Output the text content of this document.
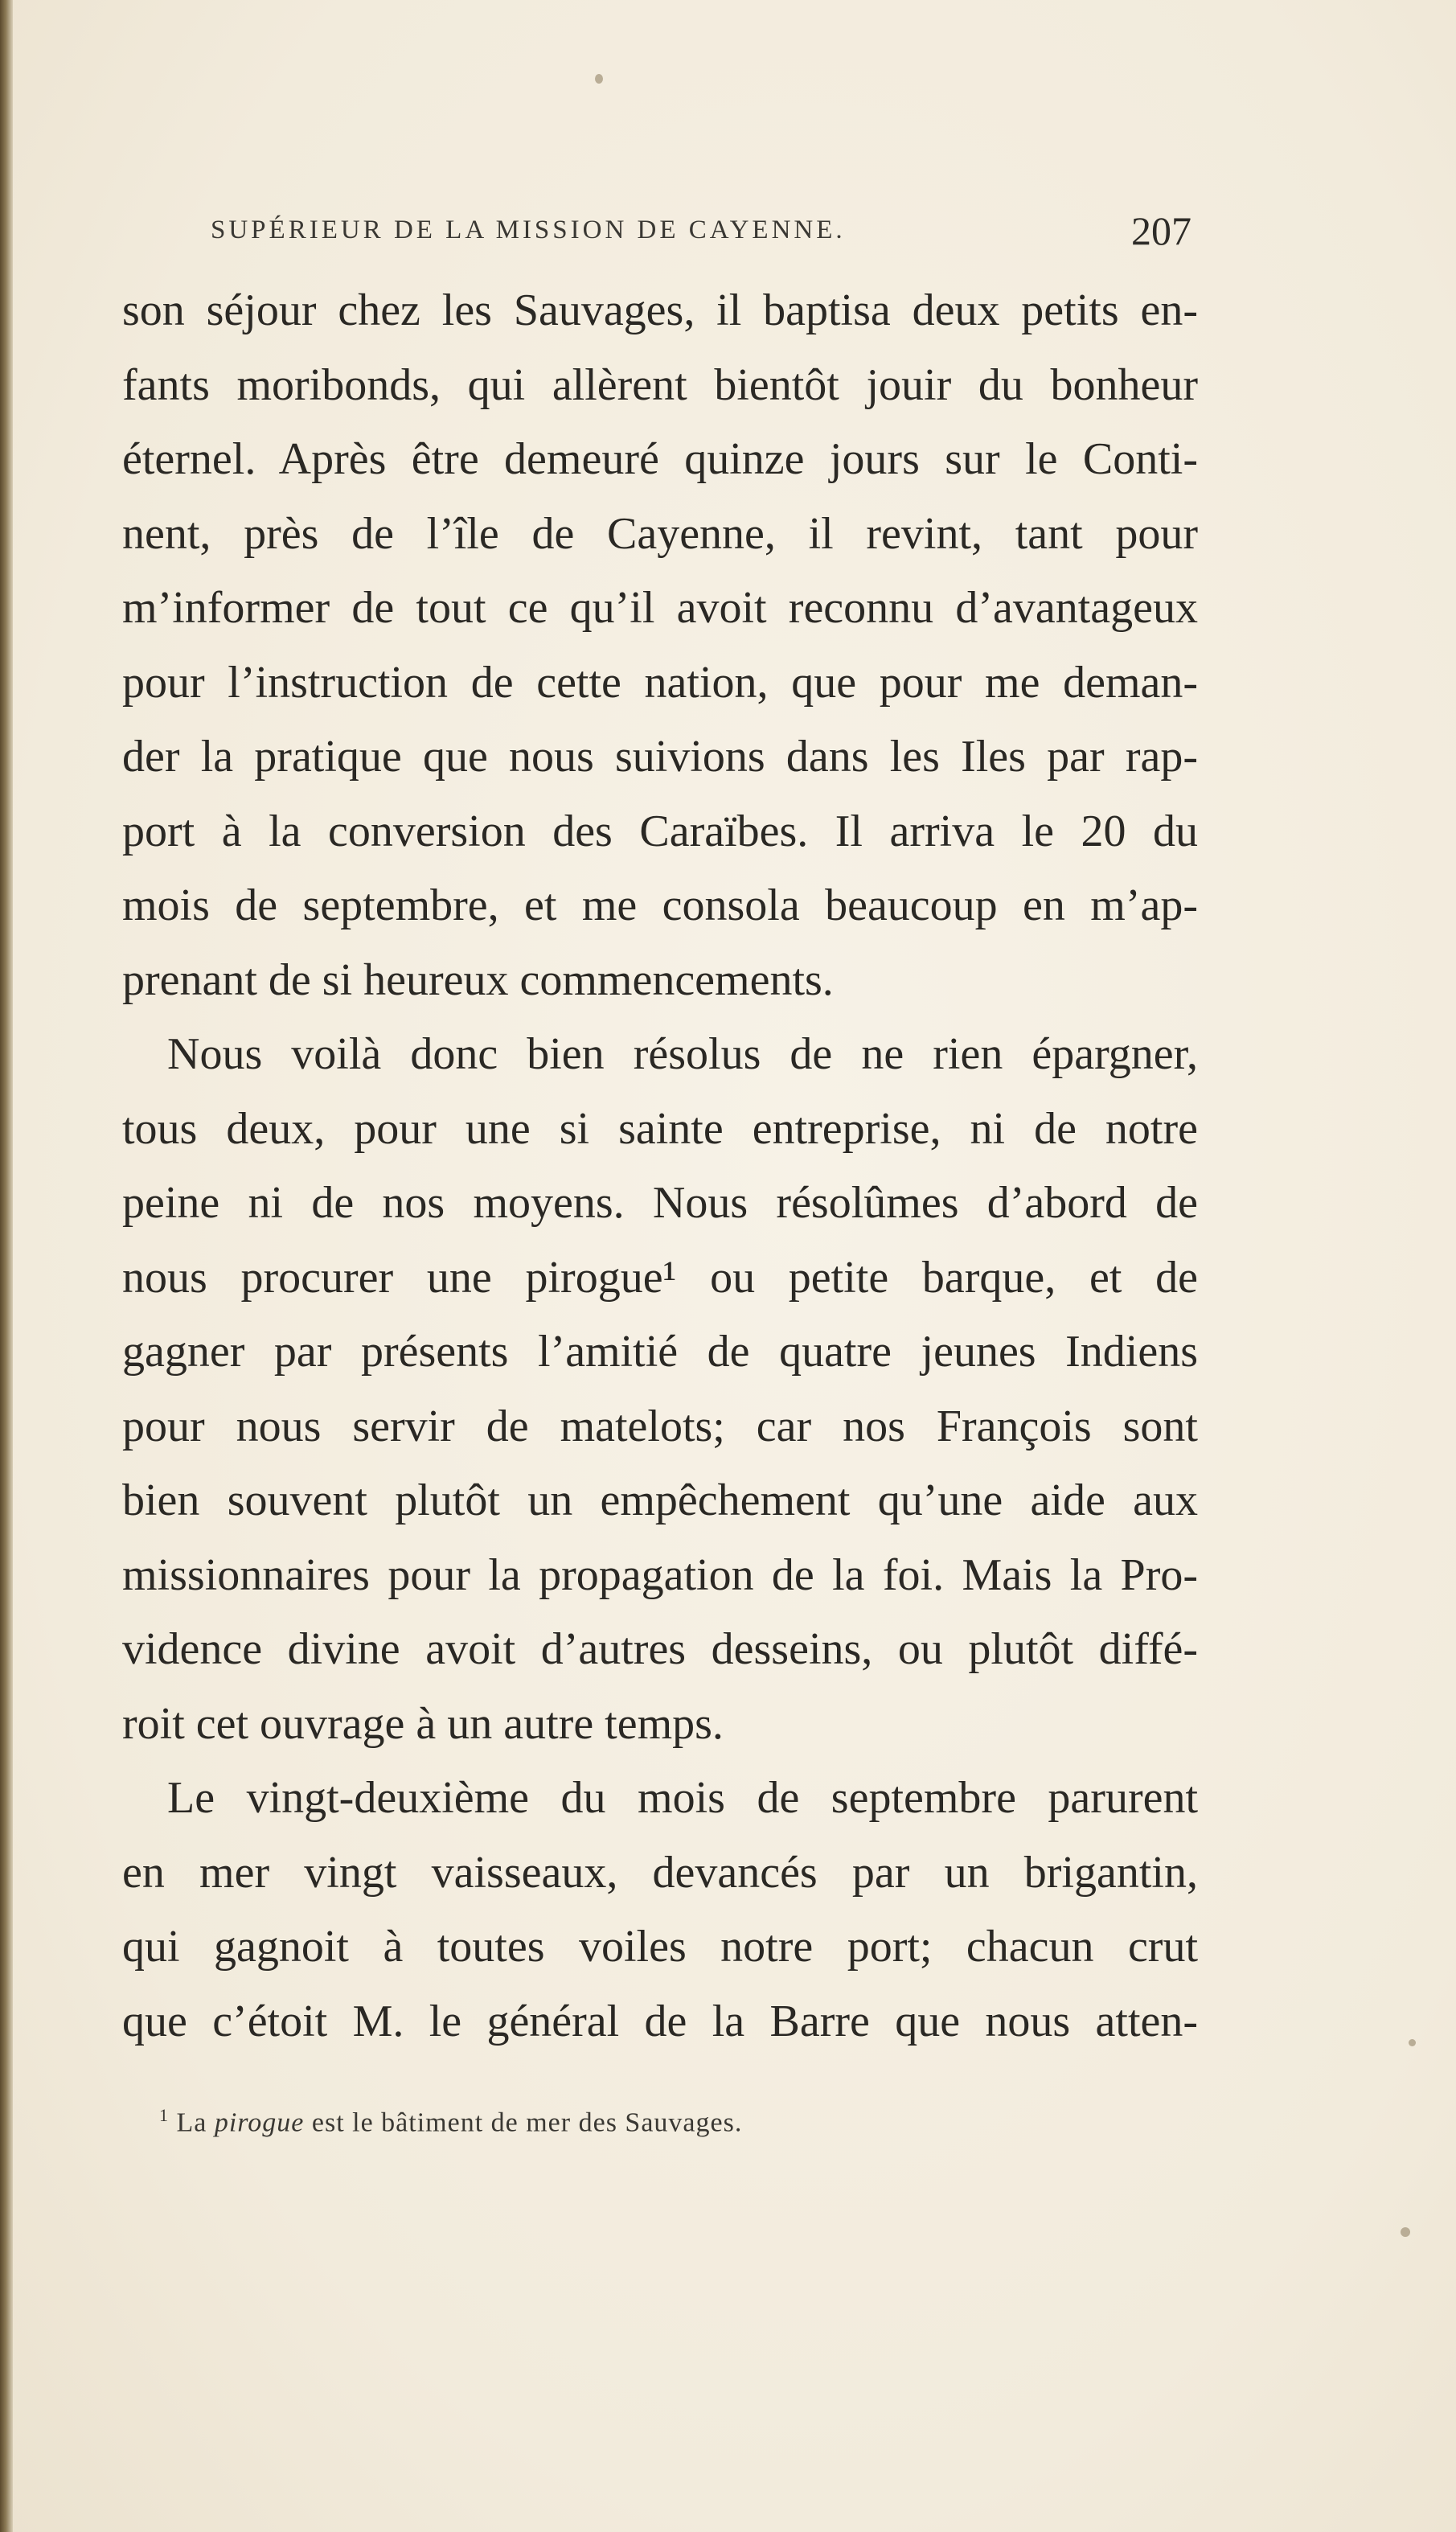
SUPÉRIEUR DE LA MISSION DE CAYENNE.	207
son séjour chez les Sauvages, il baptisa deux petits en-
fants moribonds, qui allèrent bientôt jouir du bonheur
éternel. Après être demeuré quinze jours sur le Conti-
nent, près de l’île de Cayenne, il revint, tant pour
m’informer de tout ce qu’il avoit reconnu d’avantageux
pour l’instruction de cette nation, que pour me deman-
der la pratique que nous suivions dans les Iles par rap-
port à la conversion des Caraïbes. Il arriva le 20 du
mois de septembre, et me consola beaucoup en m’ap-
prenant de si heureux commencements.
Nous voilà donc bien résolus de ne rien épargner,
tous deux, pour une si sainte entreprise, ni de notre
peine ni de nos moyens. Nous résolûmes d’abord de
nous procurer une pirogue¹ ou petite barque, et de
gagner par présents l’amitié de quatre jeunes Indiens
pour nous servir de matelots; car nos François sont
bien souvent plutôt un empêchement qu’une aide aux
missionnaires pour la propagation de la foi. Mais la Pro-
vidence divine avoit d’autres desseins, ou plutôt diffé-
roit cet ouvrage à un autre temps.
Le vingt-deuxième du mois de septembre parurent
en mer vingt vaisseaux, devancés par un brigantin,
qui gagnoit à toutes voiles notre port; chacun crut
que c’étoit M. le général de la Barre que nous atten-
$^1$ La pirogue est le bâtiment de mer des Sauvages.
